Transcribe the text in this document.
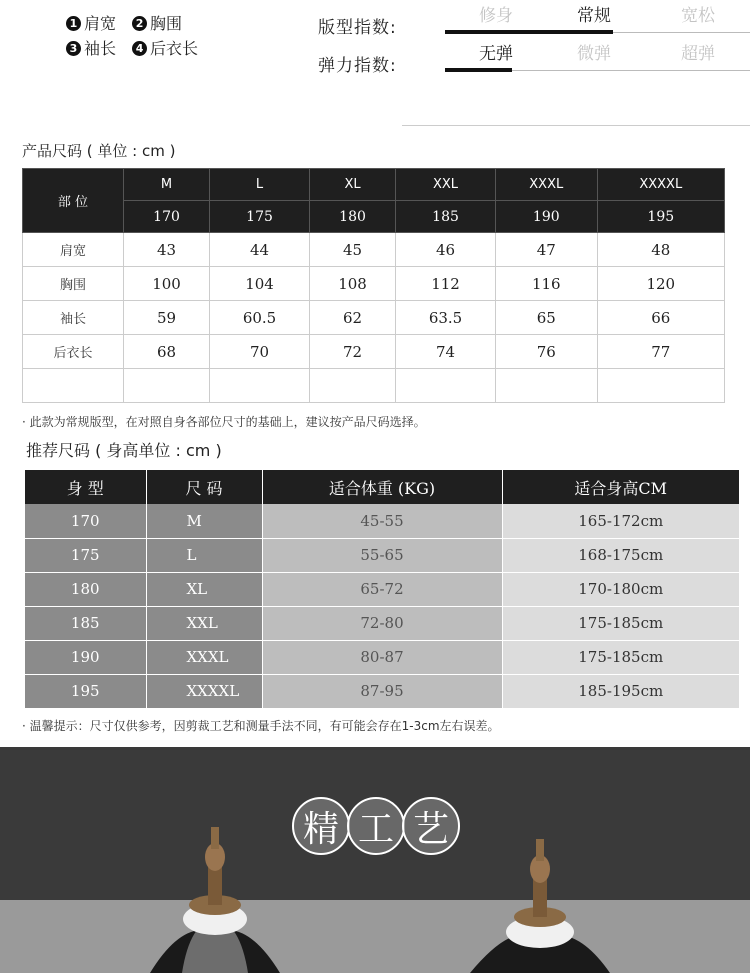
1 肩宽	2 胸围
3 袖长	4 后衣长
版型指数:
修身	常规	宽松
弹力指数:
无弹	微弹	超弹
产品尺码 ( 单位 : cm )
部 位	M	L	XL	XXL	XXXL	XXXXL
	170	175	180	185	190	195
肩宽	43	44	45	46	47	48
胸围	100	104	108	112	116	120
袖长	59	60.5	62	63.5	65	66
后衣长	68	70	72	74	76	77

· 此款为常规版型，在对照自身各部位尺寸的基础上，建议按产品尺码选择。
推荐尺码 ( 身高单位 : cm )
身 型	尺 码	适合体重 (KG)	适合身高CM
170	M	45-55	165-172cm
175	L	55-65	168-175cm
180	XL	65-72	170-180cm
185	XXL	72-80	175-185cm
190	XXXL	80-87	175-185cm
195	XXXXL	87-95	185-195cm
· 温馨提示：尺寸仅供参考，因剪裁工艺和测量手法不同，有可能会存在1-3cm左右误差。
精 工 艺
